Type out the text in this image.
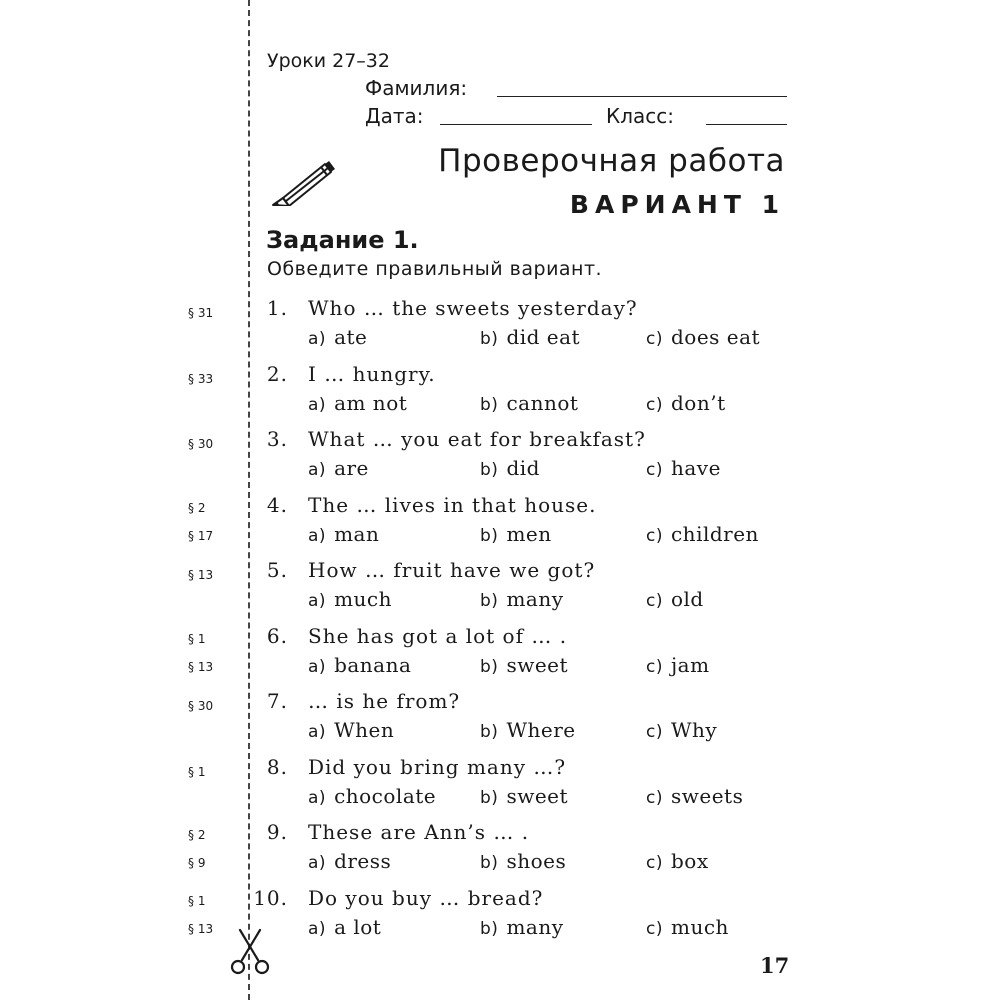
Уроки 27–32
Фамилия:
Дата:	Класс:
Проверочная работа
ВАРИАНТ 1
Задание 1.
Обведите правильный вариант.
1. Who … the sweets yesterday?
a) ate	b) did eat	c) does eat
2. I … hungry.
a) am not	b) cannot	c) don’t
3. What … you eat for breakfast?
a) are	b) did	c) have
4. The … lives in that house.
a) man	b) men	c) children
5. How … fruit have we got?
a) much	b) many	c) old
6. She has got a lot of … .
a) banana	b) sweet	c) jam
7. … is he from?
a) When	b) Where	c) Why
8. Did you bring many …?
a) chocolate	b) sweet	c) sweets
9. These are Ann’s … .
a) dress	b) shoes	c) box
10. Do you buy … bread?
a) a lot	b) many	c) much
§ 31
§ 33
§ 30
§ 2
§ 17
§ 13
§ 1
§ 13
§ 30
§ 1
§ 2
§ 9
§ 1
§ 13
17
